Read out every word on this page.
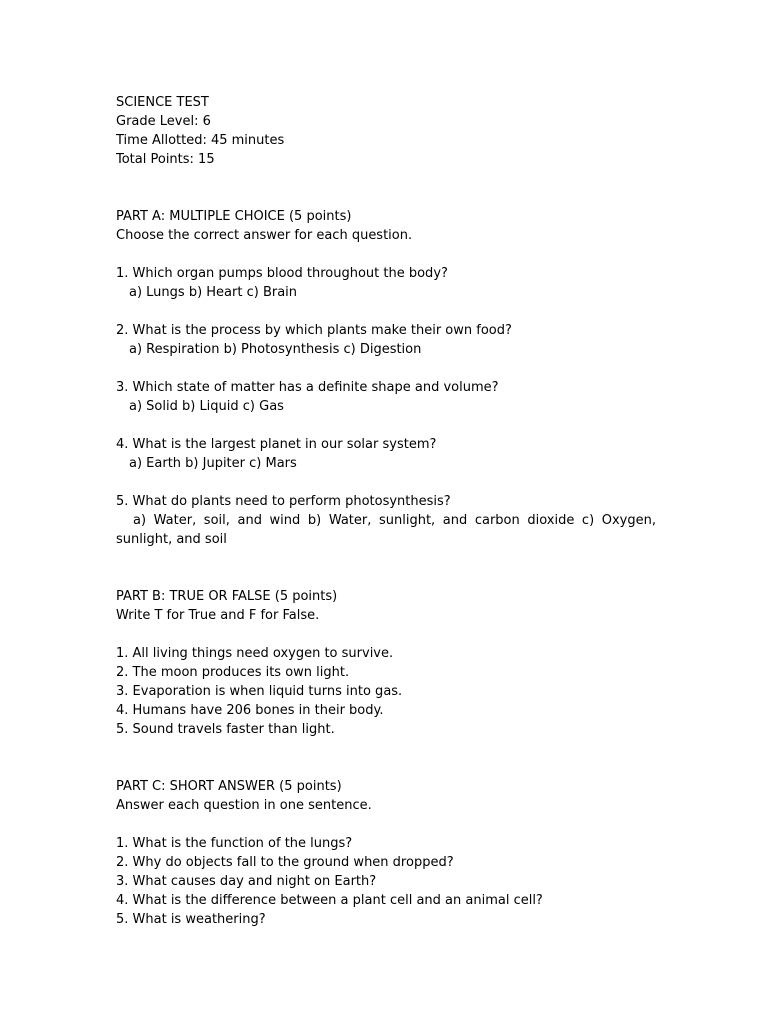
SCIENCE TEST
Grade Level: 6
Time Allotted: 45 minutes
Total Points: 15
PART A: MULTIPLE CHOICE (5 points)
Choose the correct answer for each question.
1. Which organ pumps blood throughout the body?
a) Lungs b) Heart c) Brain
2. What is the process by which plants make their own food?
a) Respiration b) Photosynthesis c) Digestion
3. Which state of matter has a definite shape and volume?
a) Solid b) Liquid c) Gas
4. What is the largest planet in our solar system?
a) Earth b) Jupiter c) Mars
5. What do plants need to perform photosynthesis?
a) Water, soil, and wind b) Water, sunlight, and carbon dioxide c) Oxygen, sunlight, and soil
PART B: TRUE OR FALSE (5 points)
Write T for True and F for False.
1. All living things need oxygen to survive.
2. The moon produces its own light.
3. Evaporation is when liquid turns into gas.
4. Humans have 206 bones in their body.
5. Sound travels faster than light.
PART C: SHORT ANSWER (5 points)
Answer each question in one sentence.
1. What is the function of the lungs?
2. Why do objects fall to the ground when dropped?
3. What causes day and night on Earth?
4. What is the difference between a plant cell and an animal cell?
5. What is weathering?
